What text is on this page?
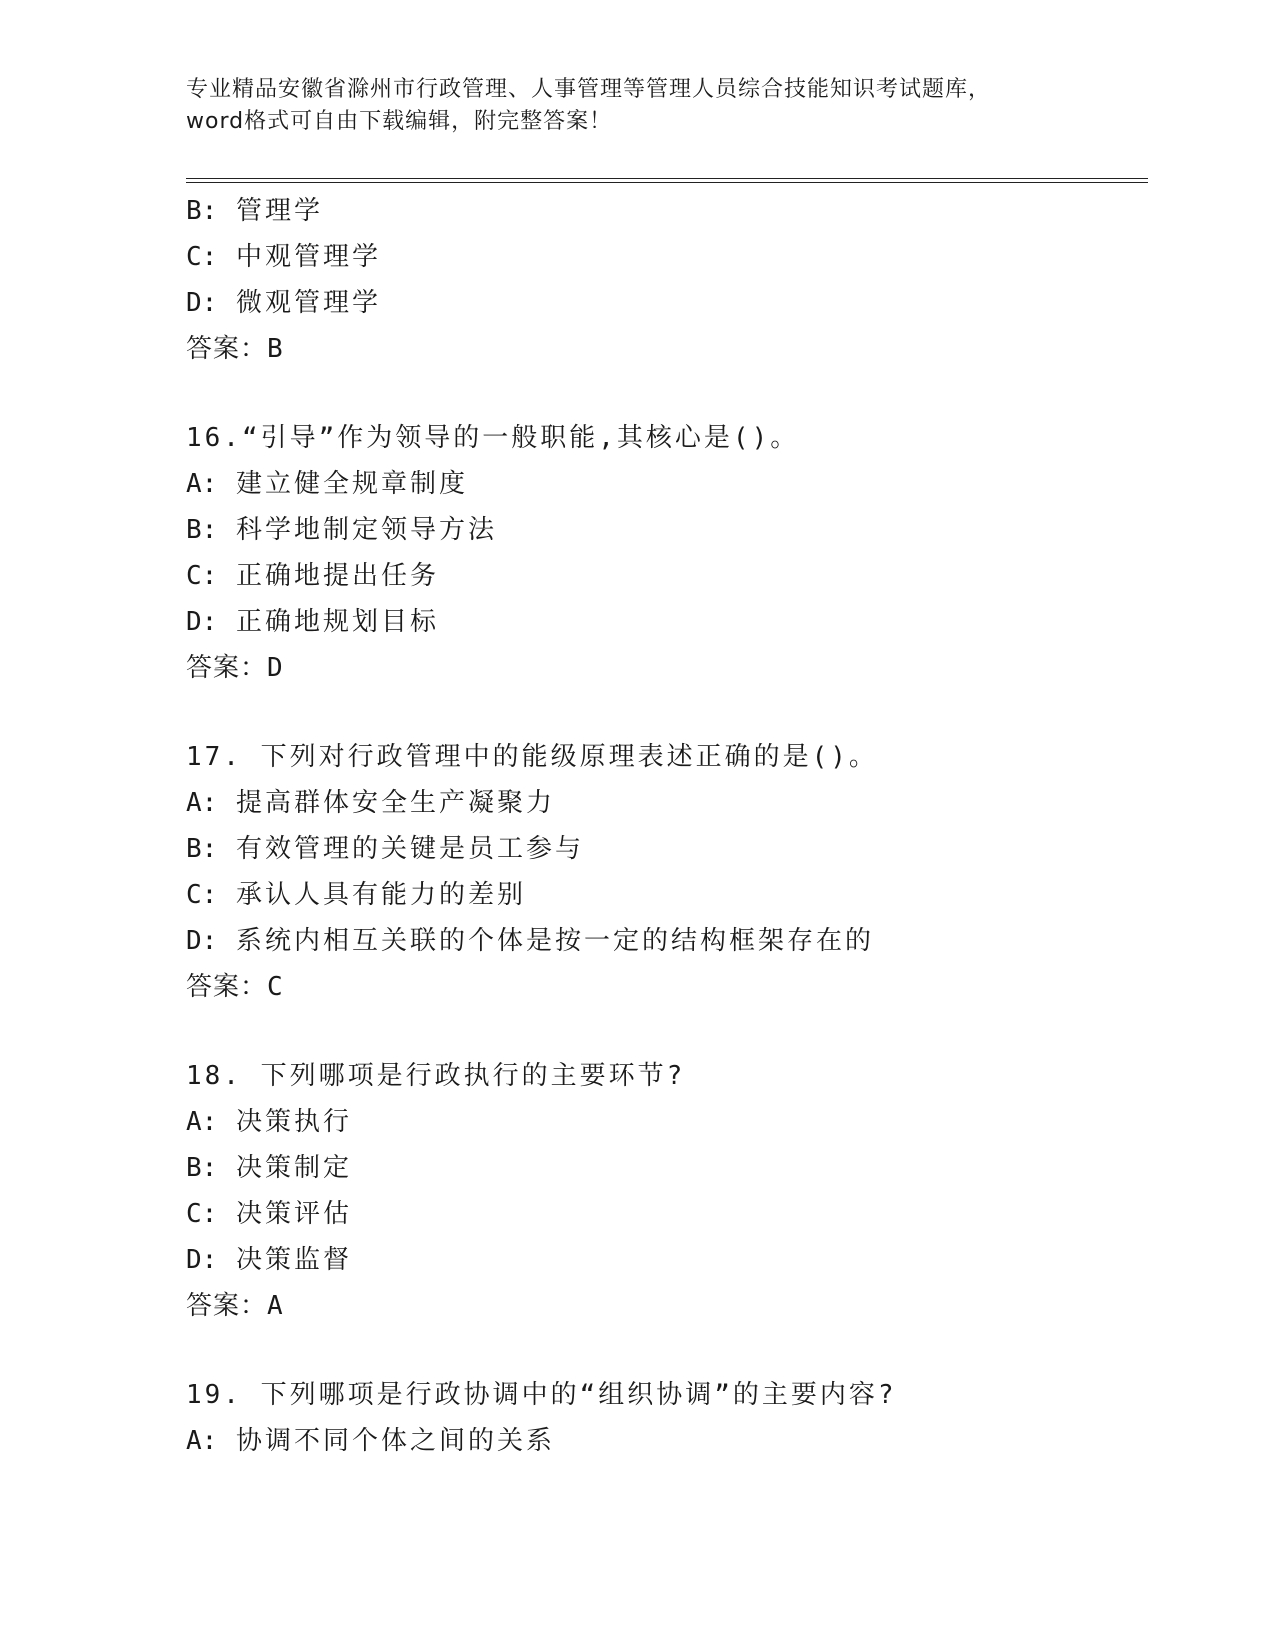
专业精品安徽省滁州市行政管理、人事管理等管理人员综合技能知识考试题库，
word格式可自由下载编辑，附完整答案！
B: 管理学
C: 中观管理学
D: 微观管理学
答案：B
16.“引导”作为领导的一般职能,其核心是()。
A: 建立健全规章制度
B: 科学地制定领导方法
C: 正确地提出任务
D: 正确地规划目标
答案：D
17. 下列对行政管理中的能级原理表述正确的是()。
A: 提高群体安全生产凝聚力
B: 有效管理的关键是员工参与
C: 承认人具有能力的差别
D: 系统内相互关联的个体是按一定的结构框架存在的
答案：C
18. 下列哪项是行政执行的主要环节?
A: 决策执行
B: 决策制定
C: 决策评估
D: 决策监督
答案：A
19. 下列哪项是行政协调中的“组织协调”的主要内容?
A: 协调不同个体之间的关系
